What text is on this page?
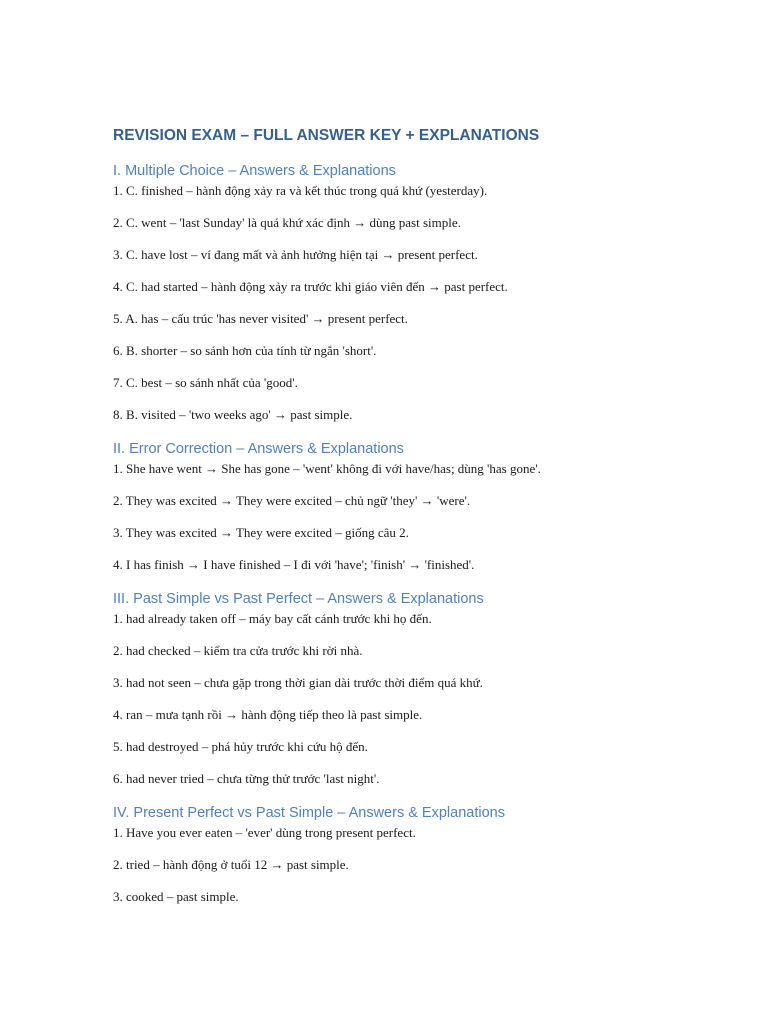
REVISION EXAM – FULL ANSWER KEY + EXPLANATIONS
I. Multiple Choice – Answers & Explanations
1. C. finished – hành động xảy ra và kết thúc trong quá khứ (yesterday).
2. C. went – 'last Sunday' là quá khứ xác định → dùng past simple.
3. C. have lost – ví đang mất và ảnh hưởng hiện tại → present perfect.
4. C. had started – hành động xảy ra trước khi giáo viên đến → past perfect.
5. A. has – cấu trúc 'has never visited' → present perfect.
6. B. shorter – so sánh hơn của tính từ ngắn 'short'.
7. C. best – so sánh nhất của 'good'.
8. B. visited – 'two weeks ago' → past simple.
II. Error Correction – Answers & Explanations
1. She have went → She has gone – 'went' không đi với have/has; dùng 'has gone'.
2. They was excited → They were excited – chủ ngữ 'they' → 'were'.
3. They was excited → They were excited – giống câu 2.
4. I has finish → I have finished – I đi với 'have'; 'finish' → 'finished'.
III. Past Simple vs Past Perfect – Answers & Explanations
1. had already taken off – máy bay cất cánh trước khi họ đến.
2. had checked – kiểm tra cửa trước khi rời nhà.
3. had not seen – chưa gặp trong thời gian dài trước thời điểm quá khứ.
4. ran – mưa tạnh rồi → hành động tiếp theo là past simple.
5. had destroyed – phá hủy trước khi cứu hộ đến.
6. had never tried – chưa từng thử trước 'last night'.
IV. Present Perfect vs Past Simple – Answers & Explanations
1. Have you ever eaten – 'ever' dùng trong present perfect.
2. tried – hành động ở tuổi 12 → past simple.
3. cooked – past simple.
